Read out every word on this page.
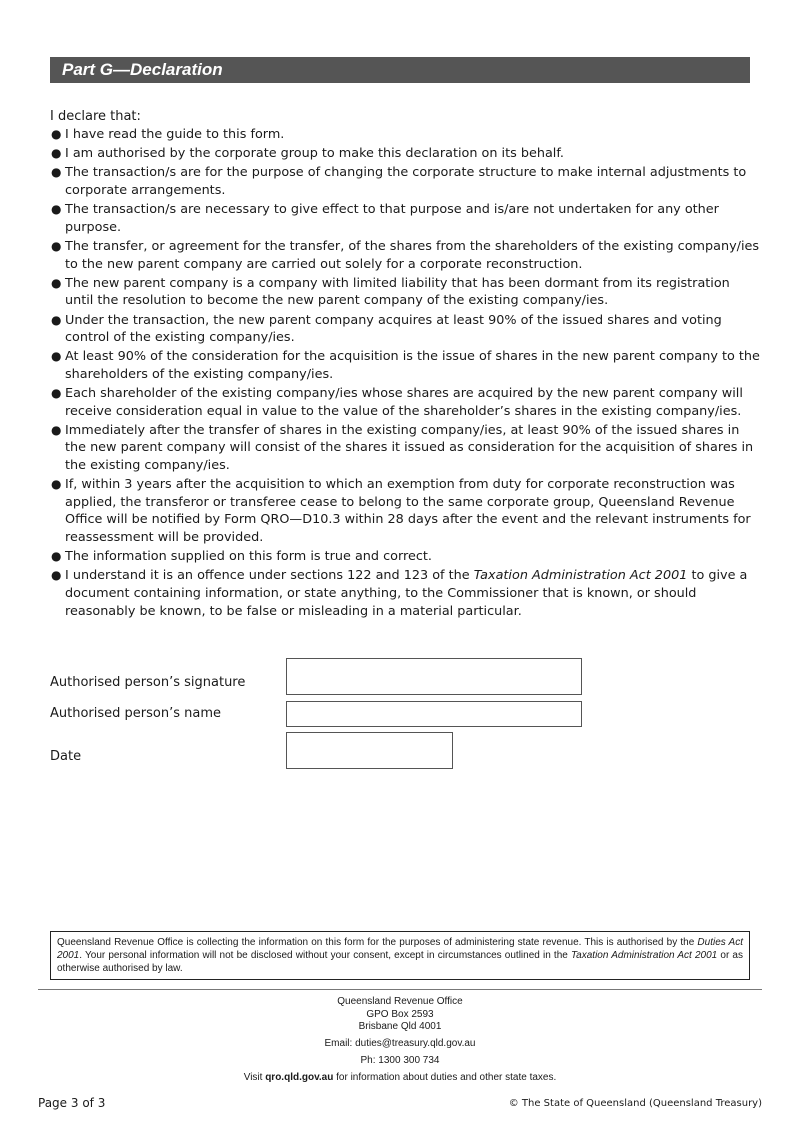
Part G—Declaration
I declare that:
● I have read the guide to this form.
● I am authorised by the corporate group to make this declaration on its behalf.
● The transaction/s are for the purpose of changing the corporate structure to make internal adjustments to corporate arrangements.
● The transaction/s are necessary to give effect to that purpose and is/are not undertaken for any other purpose.
● The transfer, or agreement for the transfer, of the shares from the shareholders of the existing company/ies to the new parent company are carried out solely for a corporate reconstruction.
● The new parent company is a company with limited liability that has been dormant from its registration until the resolution to become the new parent company of the existing company/ies.
● Under the transaction, the new parent company acquires at least 90% of the issued shares and voting control of the existing company/ies.
● At least 90% of the consideration for the acquisition is the issue of shares in the new parent company to the shareholders of the existing company/ies.
● Each shareholder of the existing company/ies whose shares are acquired by the new parent company will receive consideration equal in value to the value of the shareholder’s shares in the existing company/ies.
● Immediately after the transfer of shares in the existing company/ies, at least 90% of the issued shares in the new parent company will consist of the shares it issued as consideration for the acquisition of shares in the existing company/ies.
● If, within 3 years after the acquisition to which an exemption from duty for corporate reconstruction was applied, the transferor or transferee cease to belong to the same corporate group, Queensland Revenue Office will be notified by Form QRO—D10.3 within 28 days after the event and the relevant instruments for reassessment will be provided.
● The information supplied on this form is true and correct.
● I understand it is an offence under sections 122 and 123 of the Taxation Administration Act 2001 to give a document containing information, or state anything, to the Commissioner that is known, or should reasonably be known, to be false or misleading in a material particular.
Authorised person’s signature
Authorised person’s name
Date
Queensland Revenue Office is collecting the information on this form for the purposes of administering state revenue. This is authorised by the Duties Act 2001. Your personal information will not be disclosed without your consent, except in circumstances outlined in the Taxation Administration Act 2001 or as otherwise authorised by law.
Queensland Revenue Office
GPO Box 2593
Brisbane Qld 4001
Email: duties@treasury.qld.gov.au
Ph: 1300 300 734
Visit qro.qld.gov.au for information about duties and other state taxes.
Page 3 of 3	© The State of Queensland (Queensland Treasury)
